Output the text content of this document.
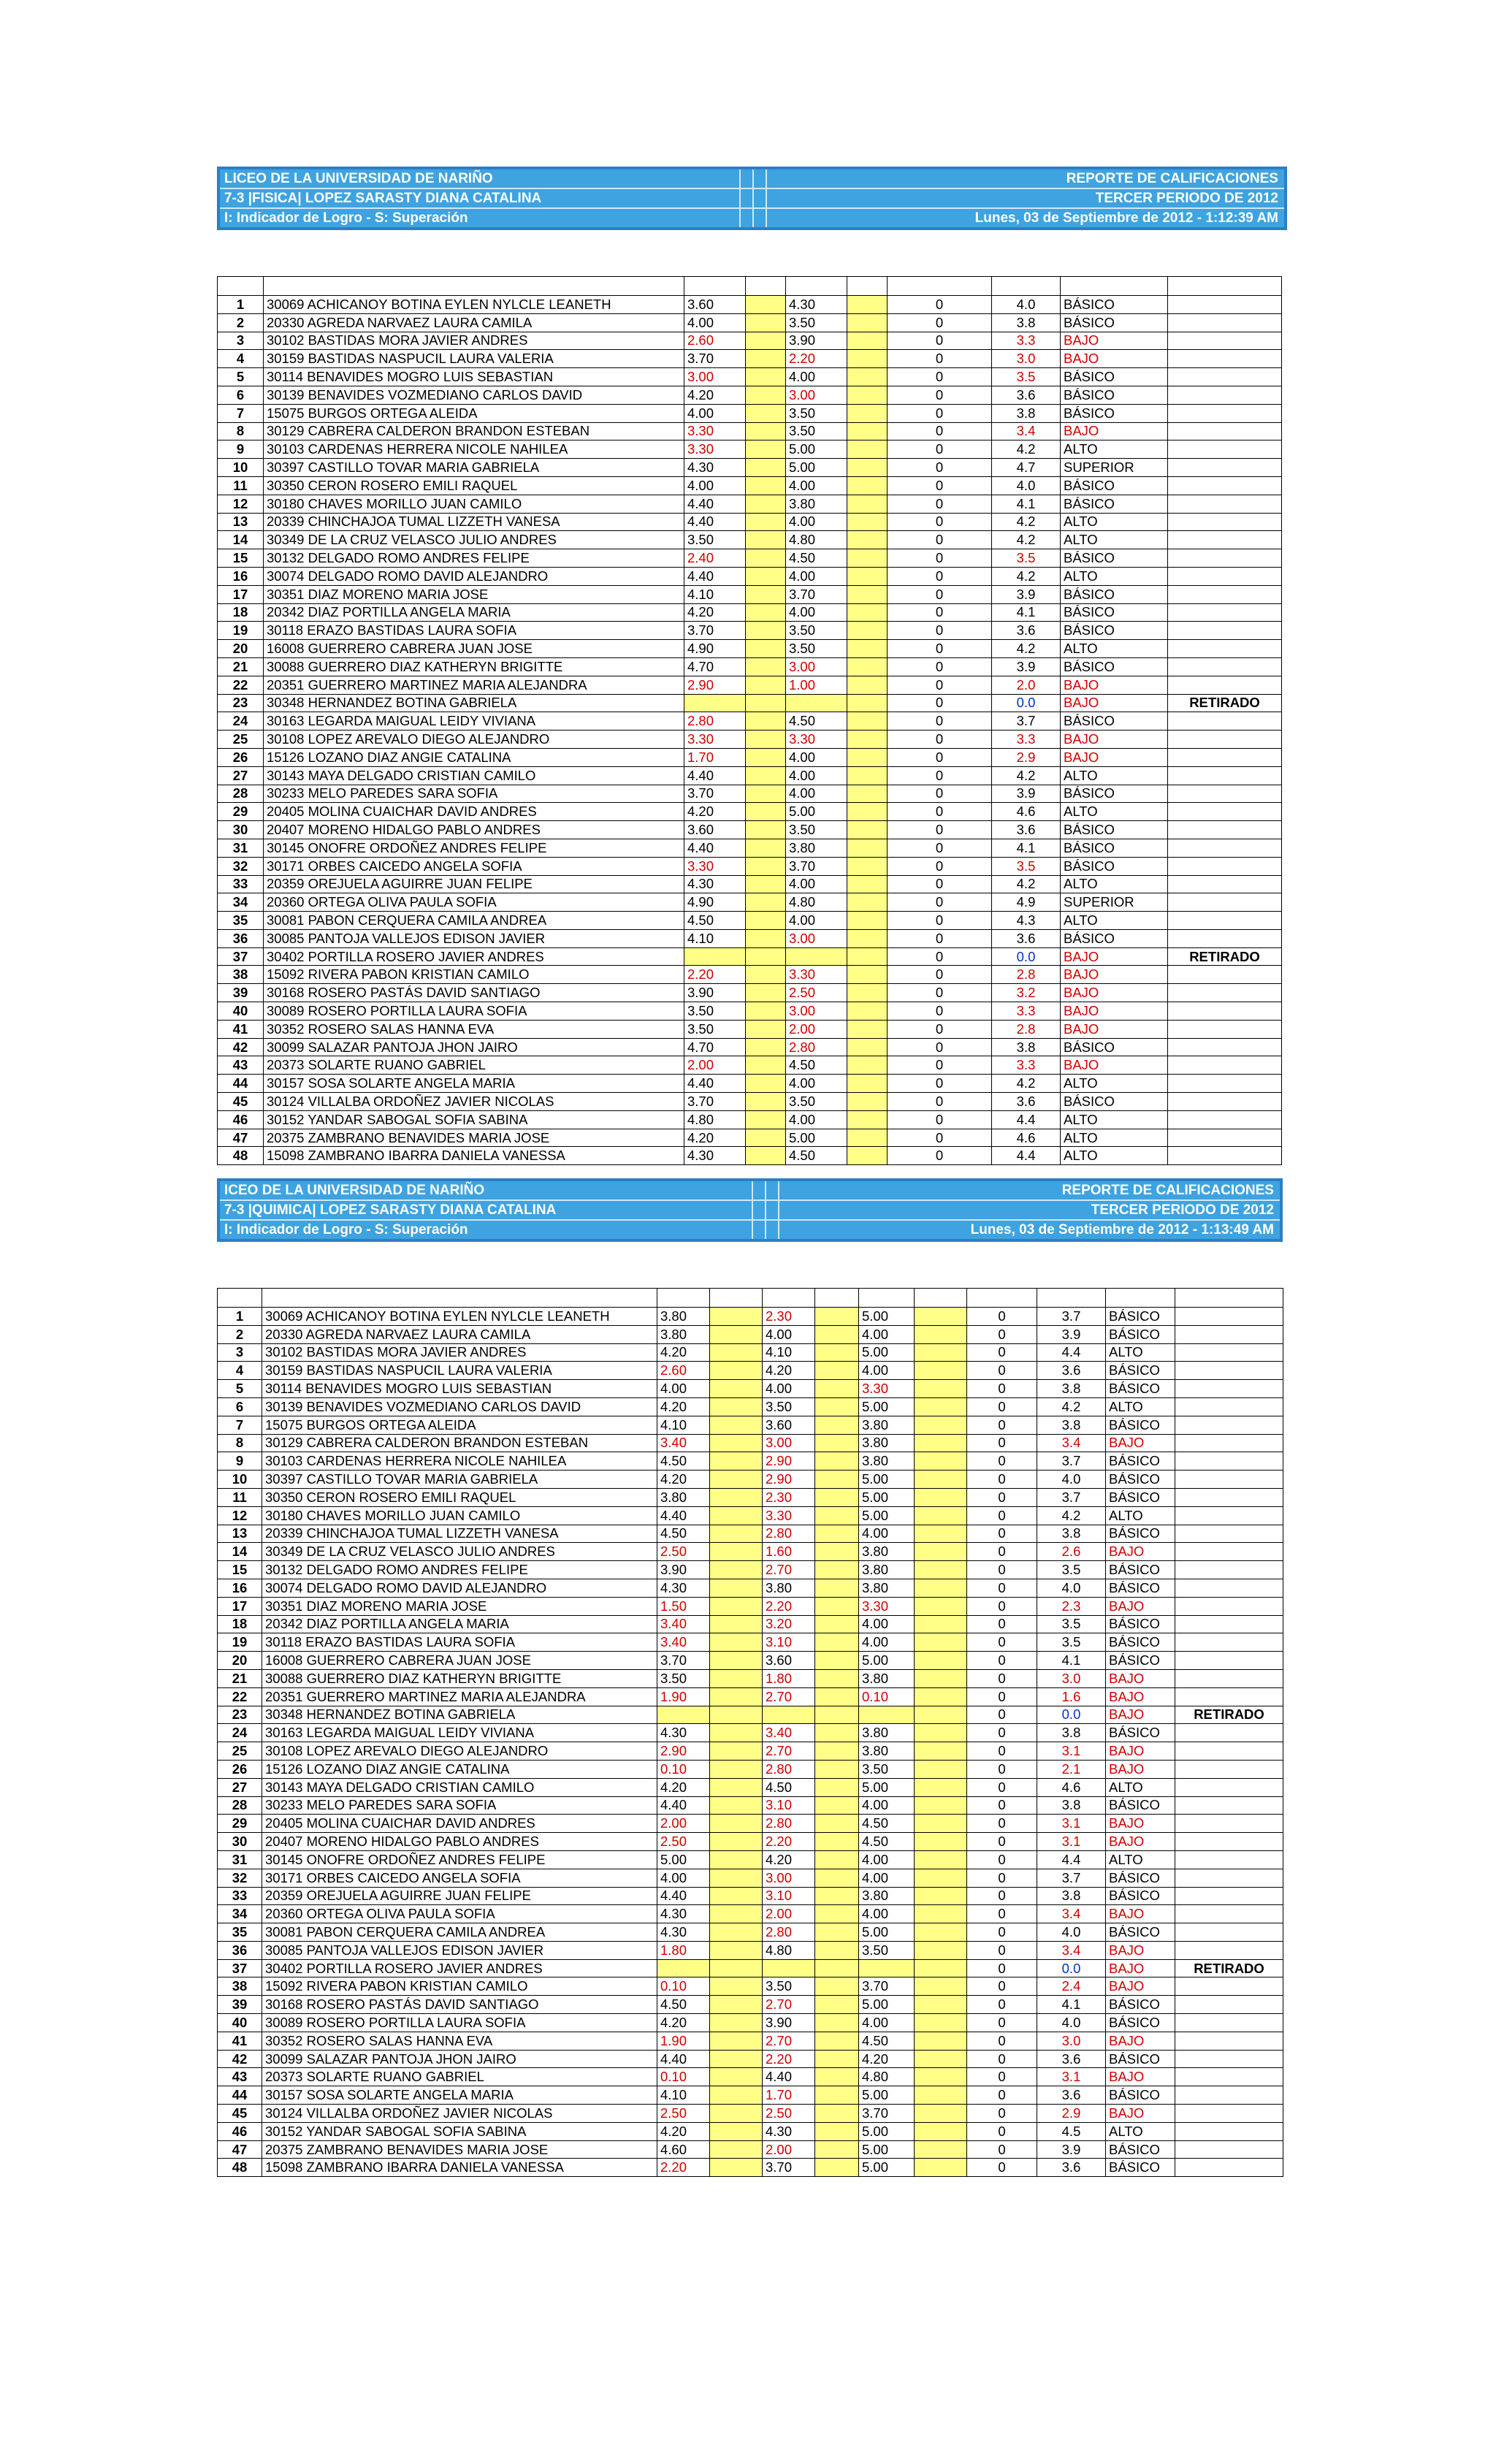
LICEO DE LA UNIVERSIDAD DE NARIÑO	REPORTE DE CALIFICACIONES
7-3 |FISICA| LOPEZ SARASTY DIANA CATALINA	TERCER PERIODO DE 2012
I: Indicador de Logro - S: Superación	Lunes, 03 de Septiembre de 2012 - 1:12:39 AM

1	30069 ACHICANOY BOTINA EYLEN NYLCLE LEANETH	3.60		4.30		0	4.0	BÁSICO	
2	20330 AGREDA NARVAEZ LAURA CAMILA	4.00		3.50		0	3.8	BÁSICO	
3	30102 BASTIDAS MORA JAVIER ANDRES	2.60		3.90		0	3.3	BAJO	
4	30159 BASTIDAS NASPUCIL LAURA VALERIA	3.70		2.20		0	3.0	BAJO	
5	30114 BENAVIDES MOGRO LUIS SEBASTIAN	3.00		4.00		0	3.5	BÁSICO	
6	30139 BENAVIDES VOZMEDIANO CARLOS DAVID	4.20		3.00		0	3.6	BÁSICO	
7	15075 BURGOS ORTEGA ALEIDA	4.00		3.50		0	3.8	BÁSICO	
8	30129 CABRERA CALDERON BRANDON ESTEBAN	3.30		3.50		0	3.4	BAJO	
9	30103 CARDENAS HERRERA NICOLE NAHILEA	3.30		5.00		0	4.2	ALTO	
10	30397 CASTILLO TOVAR MARIA GABRIELA	4.30		5.00		0	4.7	SUPERIOR	
11	30350 CERON ROSERO EMILI RAQUEL	4.00		4.00		0	4.0	BÁSICO	
12	30180 CHAVES MORILLO JUAN CAMILO	4.40		3.80		0	4.1	BÁSICO	
13	20339 CHINCHAJOA TUMAL LIZZETH VANESA	4.40		4.00		0	4.2	ALTO	
14	30349 DE LA CRUZ VELASCO JULIO ANDRES	3.50		4.80		0	4.2	ALTO	
15	30132 DELGADO ROMO ANDRES FELIPE	2.40		4.50		0	3.5	BÁSICO	
16	30074 DELGADO ROMO DAVID ALEJANDRO	4.40		4.00		0	4.2	ALTO	
17	30351 DIAZ MORENO MARIA JOSE	4.10		3.70		0	3.9	BÁSICO	
18	20342 DIAZ PORTILLA ANGELA MARIA	4.20		4.00		0	4.1	BÁSICO	
19	30118 ERAZO BASTIDAS LAURA SOFIA	3.70		3.50		0	3.6	BÁSICO	
20	16008 GUERRERO CABRERA JUAN JOSE	4.90		3.50		0	4.2	ALTO	
21	30088 GUERRERO DIAZ KATHERYN BRIGITTE	4.70		3.00		0	3.9	BÁSICO	
22	20351 GUERRERO MARTINEZ MARIA ALEJANDRA	2.90		1.00		0	2.0	BAJO	
23	30348 HERNANDEZ BOTINA GABRIELA					0	0.0	BAJO	RETIRADO
24	30163 LEGARDA MAIGUAL LEIDY VIVIANA	2.80		4.50		0	3.7	BÁSICO	
25	30108 LOPEZ AREVALO DIEGO ALEJANDRO	3.30		3.30		0	3.3	BAJO	
26	15126 LOZANO DIAZ ANGIE CATALINA	1.70		4.00		0	2.9	BAJO	
27	30143 MAYA DELGADO CRISTIAN CAMILO	4.40		4.00		0	4.2	ALTO	
28	30233 MELO PAREDES SARA SOFIA	3.70		4.00		0	3.9	BÁSICO	
29	20405 MOLINA CUAICHAR DAVID ANDRES	4.20		5.00		0	4.6	ALTO	
30	20407 MORENO HIDALGO PABLO ANDRES	3.60		3.50		0	3.6	BÁSICO	
31	30145 ONOFRE ORDOÑEZ ANDRES FELIPE	4.40		3.80		0	4.1	BÁSICO	
32	30171 ORBES CAICEDO ANGELA SOFIA	3.30		3.70		0	3.5	BÁSICO	
33	20359 OREJUELA AGUIRRE JUAN FELIPE	4.30		4.00		0	4.2	ALTO	
34	20360 ORTEGA OLIVA PAULA SOFIA	4.90		4.80		0	4.9	SUPERIOR	
35	30081 PABON CERQUERA CAMILA ANDREA	4.50		4.00		0	4.3	ALTO	
36	30085 PANTOJA VALLEJOS EDISON JAVIER	4.10		3.00		0	3.6	BÁSICO	
37	30402 PORTILLA ROSERO JAVIER ANDRES					0	0.0	BAJO	RETIRADO
38	15092 RIVERA PABON KRISTIAN CAMILO	2.20		3.30		0	2.8	BAJO	
39	30168 ROSERO PASTÁS DAVID SANTIAGO	3.90		2.50		0	3.2	BAJO	
40	30089 ROSERO PORTILLA LAURA SOFIA	3.50		3.00		0	3.3	BAJO	
41	30352 ROSERO SALAS HANNA EVA	3.50		2.00		0	2.8	BAJO	
42	30099 SALAZAR PANTOJA JHON JAIRO	4.70		2.80		0	3.8	BÁSICO	
43	20373 SOLARTE RUANO GABRIEL	2.00		4.50		0	3.3	BAJO	
44	30157 SOSA SOLARTE ANGELA MARIA	4.40		4.00		0	4.2	ALTO	
45	30124 VILLALBA ORDOÑEZ JAVIER NICOLAS	3.70		3.50		0	3.6	BÁSICO	
46	30152 YANDAR SABOGAL SOFIA SABINA	4.80		4.00		0	4.4	ALTO	
47	20375 ZAMBRANO BENAVIDES MARIA JOSE	4.20		5.00		0	4.6	ALTO	
48	15098 ZAMBRANO IBARRA DANIELA VANESSA	4.30		4.50		0	4.4	ALTO	
ICEO DE LA UNIVERSIDAD DE NARIÑO	REPORTE DE CALIFICACIONES
7-3 |QUIMICA| LOPEZ SARASTY DIANA CATALINA	TERCER PERIODO DE 2012
I: Indicador de Logro - S: Superación	Lunes, 03 de Septiembre de 2012 - 1:13:49 AM

1	30069 ACHICANOY BOTINA EYLEN NYLCLE LEANETH	3.80		2.30		5.00		0	3.7	BÁSICO	
2	20330 AGREDA NARVAEZ LAURA CAMILA	3.80		4.00		4.00		0	3.9	BÁSICO	
3	30102 BASTIDAS MORA JAVIER ANDRES	4.20		4.10		5.00		0	4.4	ALTO	
4	30159 BASTIDAS NASPUCIL LAURA VALERIA	2.60		4.20		4.00		0	3.6	BÁSICO	
5	30114 BENAVIDES MOGRO LUIS SEBASTIAN	4.00		4.00		3.30		0	3.8	BÁSICO	
6	30139 BENAVIDES VOZMEDIANO CARLOS DAVID	4.20		3.50		5.00		0	4.2	ALTO	
7	15075 BURGOS ORTEGA ALEIDA	4.10		3.60		3.80		0	3.8	BÁSICO	
8	30129 CABRERA CALDERON BRANDON ESTEBAN	3.40		3.00		3.80		0	3.4	BAJO	
9	30103 CARDENAS HERRERA NICOLE NAHILEA	4.50		2.90		3.80		0	3.7	BÁSICO	
10	30397 CASTILLO TOVAR MARIA GABRIELA	4.20		2.90		5.00		0	4.0	BÁSICO	
11	30350 CERON ROSERO EMILI RAQUEL	3.80		2.30		5.00		0	3.7	BÁSICO	
12	30180 CHAVES MORILLO JUAN CAMILO	4.40		3.30		5.00		0	4.2	ALTO	
13	20339 CHINCHAJOA TUMAL LIZZETH VANESA	4.50		2.80		4.00		0	3.8	BÁSICO	
14	30349 DE LA CRUZ VELASCO JULIO ANDRES	2.50		1.60		3.80		0	2.6	BAJO	
15	30132 DELGADO ROMO ANDRES FELIPE	3.90		2.70		3.80		0	3.5	BÁSICO	
16	30074 DELGADO ROMO DAVID ALEJANDRO	4.30		3.80		3.80		0	4.0	BÁSICO	
17	30351 DIAZ MORENO MARIA JOSE	1.50		2.20		3.30		0	2.3	BAJO	
18	20342 DIAZ PORTILLA ANGELA MARIA	3.40		3.20		4.00		0	3.5	BÁSICO	
19	30118 ERAZO BASTIDAS LAURA SOFIA	3.40		3.10		4.00		0	3.5	BÁSICO	
20	16008 GUERRERO CABRERA JUAN JOSE	3.70		3.60		5.00		0	4.1	BÁSICO	
21	30088 GUERRERO DIAZ KATHERYN BRIGITTE	3.50		1.80		3.80		0	3.0	BAJO	
22	20351 GUERRERO MARTINEZ MARIA ALEJANDRA	1.90		2.70		0.10		0	1.6	BAJO	
23	30348 HERNANDEZ BOTINA GABRIELA							0	0.0	BAJO	RETIRADO
24	30163 LEGARDA MAIGUAL LEIDY VIVIANA	4.30		3.40		3.80		0	3.8	BÁSICO	
25	30108 LOPEZ AREVALO DIEGO ALEJANDRO	2.90		2.70		3.80		0	3.1	BAJO	
26	15126 LOZANO DIAZ ANGIE CATALINA	0.10		2.80		3.50		0	2.1	BAJO	
27	30143 MAYA DELGADO CRISTIAN CAMILO	4.20		4.50		5.00		0	4.6	ALTO	
28	30233 MELO PAREDES SARA SOFIA	4.40		3.10		4.00		0	3.8	BÁSICO	
29	20405 MOLINA CUAICHAR DAVID ANDRES	2.00		2.80		4.50		0	3.1	BAJO	
30	20407 MORENO HIDALGO PABLO ANDRES	2.50		2.20		4.50		0	3.1	BAJO	
31	30145 ONOFRE ORDOÑEZ ANDRES FELIPE	5.00		4.20		4.00		0	4.4	ALTO	
32	30171 ORBES CAICEDO ANGELA SOFIA	4.00		3.00		4.00		0	3.7	BÁSICO	
33	20359 OREJUELA AGUIRRE JUAN FELIPE	4.40		3.10		3.80		0	3.8	BÁSICO	
34	20360 ORTEGA OLIVA PAULA SOFIA	4.30		2.00		4.00		0	3.4	BAJO	
35	30081 PABON CERQUERA CAMILA ANDREA	4.30		2.80		5.00		0	4.0	BÁSICO	
36	30085 PANTOJA VALLEJOS EDISON JAVIER	1.80		4.80		3.50		0	3.4	BAJO	
37	30402 PORTILLA ROSERO JAVIER ANDRES							0	0.0	BAJO	RETIRADO
38	15092 RIVERA PABON KRISTIAN CAMILO	0.10		3.50		3.70		0	2.4	BAJO	
39	30168 ROSERO PASTÁS DAVID SANTIAGO	4.50		2.70		5.00		0	4.1	BÁSICO	
40	30089 ROSERO PORTILLA LAURA SOFIA	4.20		3.90		4.00		0	4.0	BÁSICO	
41	30352 ROSERO SALAS HANNA EVA	1.90		2.70		4.50		0	3.0	BAJO	
42	30099 SALAZAR PANTOJA JHON JAIRO	4.40		2.20		4.20		0	3.6	BÁSICO	
43	20373 SOLARTE RUANO GABRIEL	0.10		4.40		4.80		0	3.1	BAJO	
44	30157 SOSA SOLARTE ANGELA MARIA	4.10		1.70		5.00		0	3.6	BÁSICO	
45	30124 VILLALBA ORDOÑEZ JAVIER NICOLAS	2.50		2.50		3.70		0	2.9	BAJO	
46	30152 YANDAR SABOGAL SOFIA SABINA	4.20		4.30		5.00		0	4.5	ALTO	
47	20375 ZAMBRANO BENAVIDES MARIA JOSE	4.60		2.00		5.00		0	3.9	BÁSICO	
48	15098 ZAMBRANO IBARRA DANIELA VANESSA	2.20		3.70		5.00		0	3.6	BÁSICO	
